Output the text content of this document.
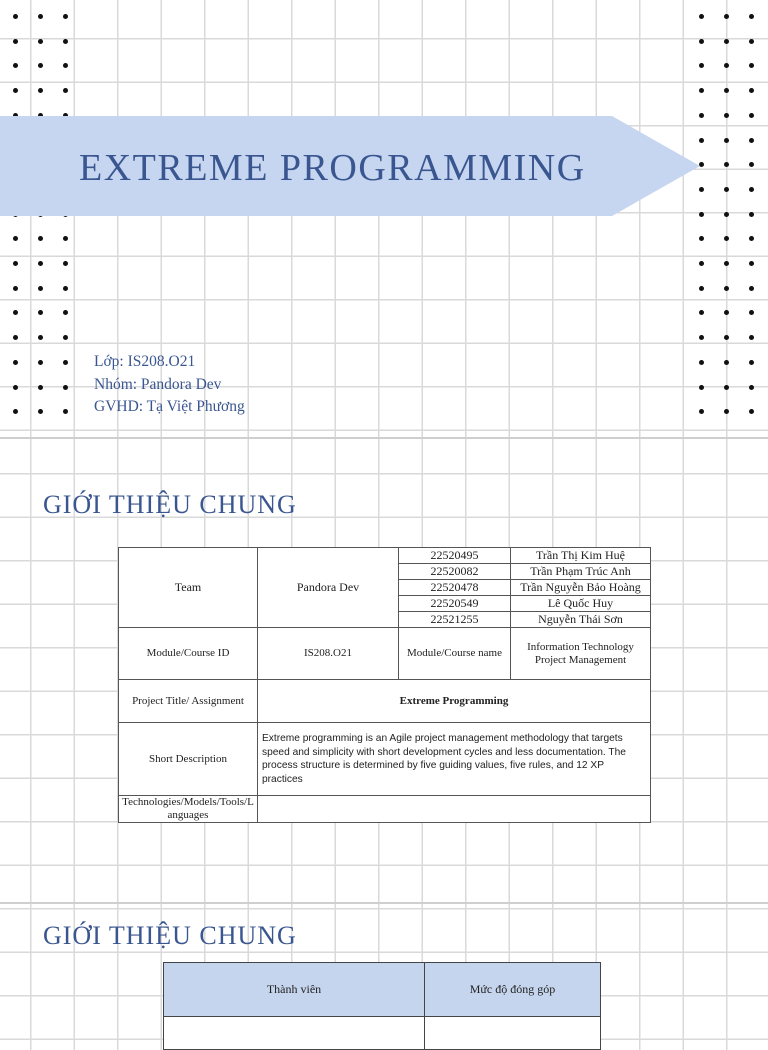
EXTREME PROGRAMMING
Lớp: IS208.O21
Nhóm: Pandora Dev
GVHD: Tạ Việt Phương
GIỚI THIỆU CHUNG
Team	Pandora Dev	22520495	Trần Thị Kim Huệ
		22520082	Trần Phạm Trúc Anh
		22520478	Trần Nguyễn Bảo Hoàng
		22520549	Lê Quốc Huy
		22521255	Nguyễn Thái Sơn
Module/Course ID	IS208.O21	Module/Course name	Information Technology Project Management
Project Title/ Assignment	Extreme Programming		
Short Description	Extreme programming is an Agile project management methodology that targets speed and simplicity with short development cycles and less documentation. The process structure is determined by five guiding values, five rules, and 12 XP practices		
Technologies/Models/Tools/Languages			
GIỚI THIỆU CHUNG
Thành viên	Mức độ đóng góp
